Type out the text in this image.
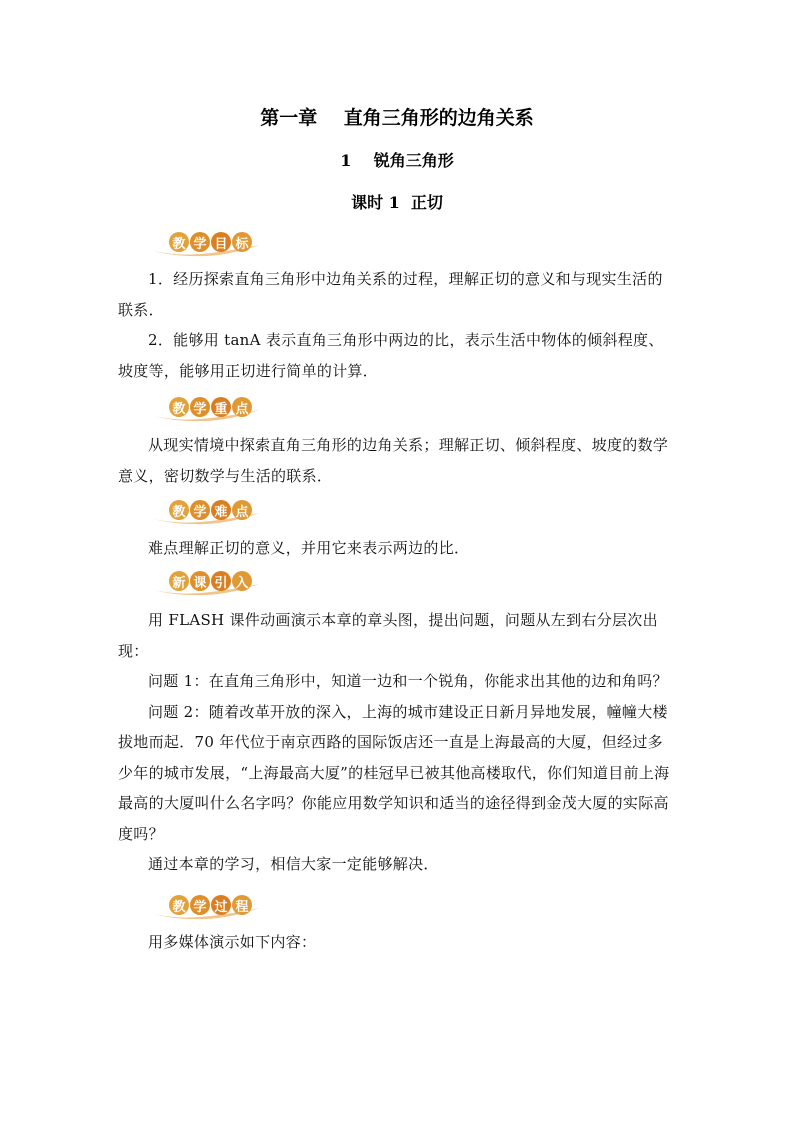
第一章    直角三角形的边角关系
1    锐角三角形
课时 1  正切
教 学 目 标

1．经历探索直角三角形中边角关系的过程，理解正切的意义和与现实生活的联系．

2．能够用 tanA 表示直角三角形中两边的比，表示生活中物体的倾斜程度、坡度等，能够用正切进行简单的计算．

教 学 重 点

从现实情境中探索直角三角形的边角关系；理解正切、倾斜程度、坡度的数学意义，密切数学与生活的联系．

教 学 难 点

难点理解正切的意义，并用它来表示两边的比．

新 课 引 入

用 FLASH 课件动画演示本章的章头图，提出问题，问题从左到右分层次出现：

问题 1：在直角三角形中，知道一边和一个锐角，你能求出其他的边和角吗？

问题 2：随着改革开放的深入，上海的城市建设正日新月异地发展，幢幢大楼拔地而起．70 年代位于南京西路的国际饭店还一直是上海最高的大厦，但经过多少年的城市发展，“上海最高大厦”的桂冠早已被其他高楼取代，你们知道目前上海最高的大厦叫什么名字吗？你能应用数学知识和适当的途径得到金茂大厦的实际高度吗？

通过本章的学习，相信大家一定能够解决．

教 学 过 程

用多媒体演示如下内容：
